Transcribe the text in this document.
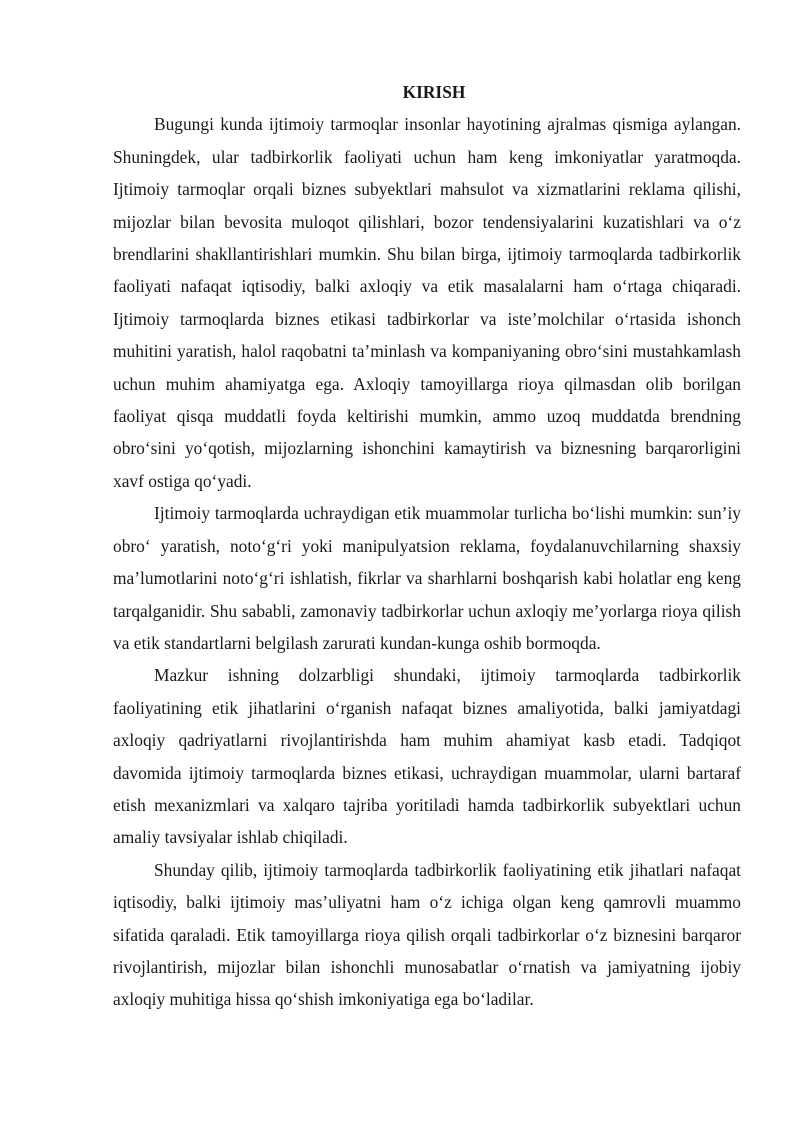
KIRISH

Bugungi kunda ijtimoiy tarmoqlar insonlar hayotining ajralmas qismiga aylangan. Shuningdek, ular tadbirkorlik faoliyati uchun ham keng imkoniyatlar yaratmoqda. Ijtimoiy tarmoqlar orqali biznes subyektlari mahsulot va xizmatlarini reklama qilishi, mijozlar bilan bevosita muloqot qilishlari, bozor tendensiyalarini kuzatishlari va o‘z brendlarini shakllantirishlari mumkin. Shu bilan birga, ijtimoiy tarmoqlarda tadbirkorlik faoliyati nafaqat iqtisodiy, balki axloqiy va etik masalalarni ham o‘rtaga chiqaradi. Ijtimoiy tarmoqlarda biznes etikasi tadbirkorlar va iste’molchilar o‘rtasida ishonch muhitini yaratish, halol raqobatni ta’minlash va kompaniyaning obro‘sini mustahkamlash uchun muhim ahamiyatga ega. Axloqiy tamoyillarga rioya qilmasdan olib borilgan faoliyat qisqa muddatli foyda keltirishi mumkin, ammo uzoq muddatda brendning obro‘sini yo‘qotish, mijozlarning ishonchini kamaytirish va biznesning barqarorligini xavf ostiga qo‘yadi.

Ijtimoiy tarmoqlarda uchraydigan etik muammolar turlicha bo‘lishi mumkin: sun’iy obro‘ yaratish, noto‘g‘ri yoki manipulyatsion reklama, foydalanuvchilarning shaxsiy ma’lumotlarini noto‘g‘ri ishlatish, fikrlar va sharhlarni boshqarish kabi holatlar eng keng tarqalganidir. Shu sababli, zamonaviy tadbirkorlar uchun axloqiy me’yorlarga rioya qilish va etik standartlarni belgilash zarurati kundan-kunga oshib bormoqda.

Mazkur ishning dolzarbligi shundaki, ijtimoiy tarmoqlarda tadbirkorlik faoliyatining etik jihatlarini o‘rganish nafaqat biznes amaliyotida, balki jamiyatdagi axloqiy qadriyatlarni rivojlantirishda ham muhim ahamiyat kasb etadi. Tadqiqot davomida ijtimoiy tarmoqlarda biznes etikasi, uchraydigan muammolar, ularni bartaraf etish mexanizmlari va xalqaro tajriba yoritiladi hamda tadbirkorlik subyektlari uchun amaliy tavsiyalar ishlab chiqiladi.

Shunday qilib, ijtimoiy tarmoqlarda tadbirkorlik faoliyatining etik jihatlari nafaqat iqtisodiy, balki ijtimoiy mas’uliyatni ham o‘z ichiga olgan keng qamrovli muammo sifatida qaraladi. Etik tamoyillarga rioya qilish orqali tadbirkorlar o‘z biznesini barqaror rivojlantirish, mijozlar bilan ishonchli munosabatlar o‘rnatish va jamiyatning ijobiy axloqiy muhitiga hissa qo‘shish imkoniyatiga ega bo‘ladilar.
